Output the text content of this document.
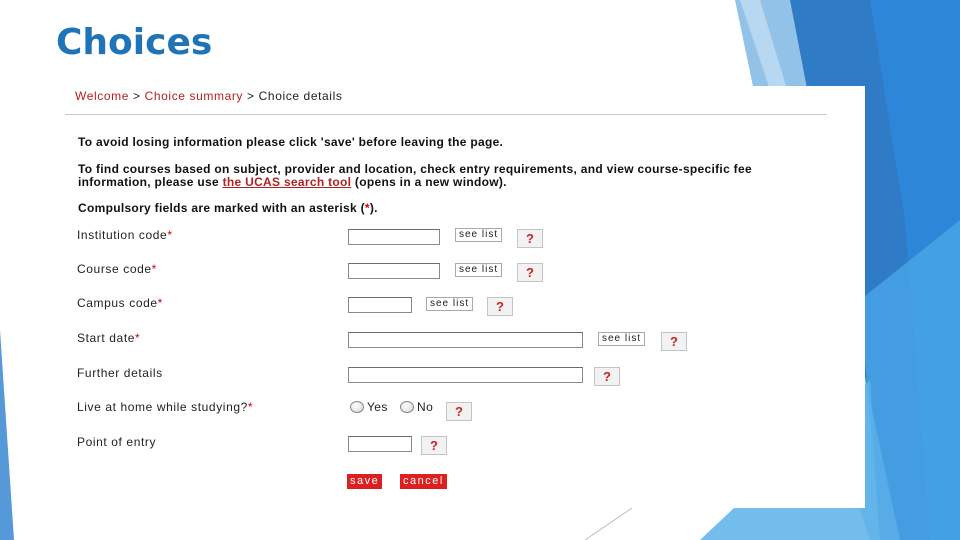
Choices
Welcome > Choice summary > Choice details
To avoid losing information please click 'save' before leaving the page.
To find courses based on subject, provider and location, check entry requirements, and view course-specific fee information, please use the UCAS search tool (opens in a new window).
Compulsory fields are marked with an asterisk (*).
Institution code*	see list	?
Course code*	see list	?
Campus code*	see list	?
Start date*	see list	?
Further details	?
Live at home while studying?*	Yes No	?
Point of entry	?
save cancel
